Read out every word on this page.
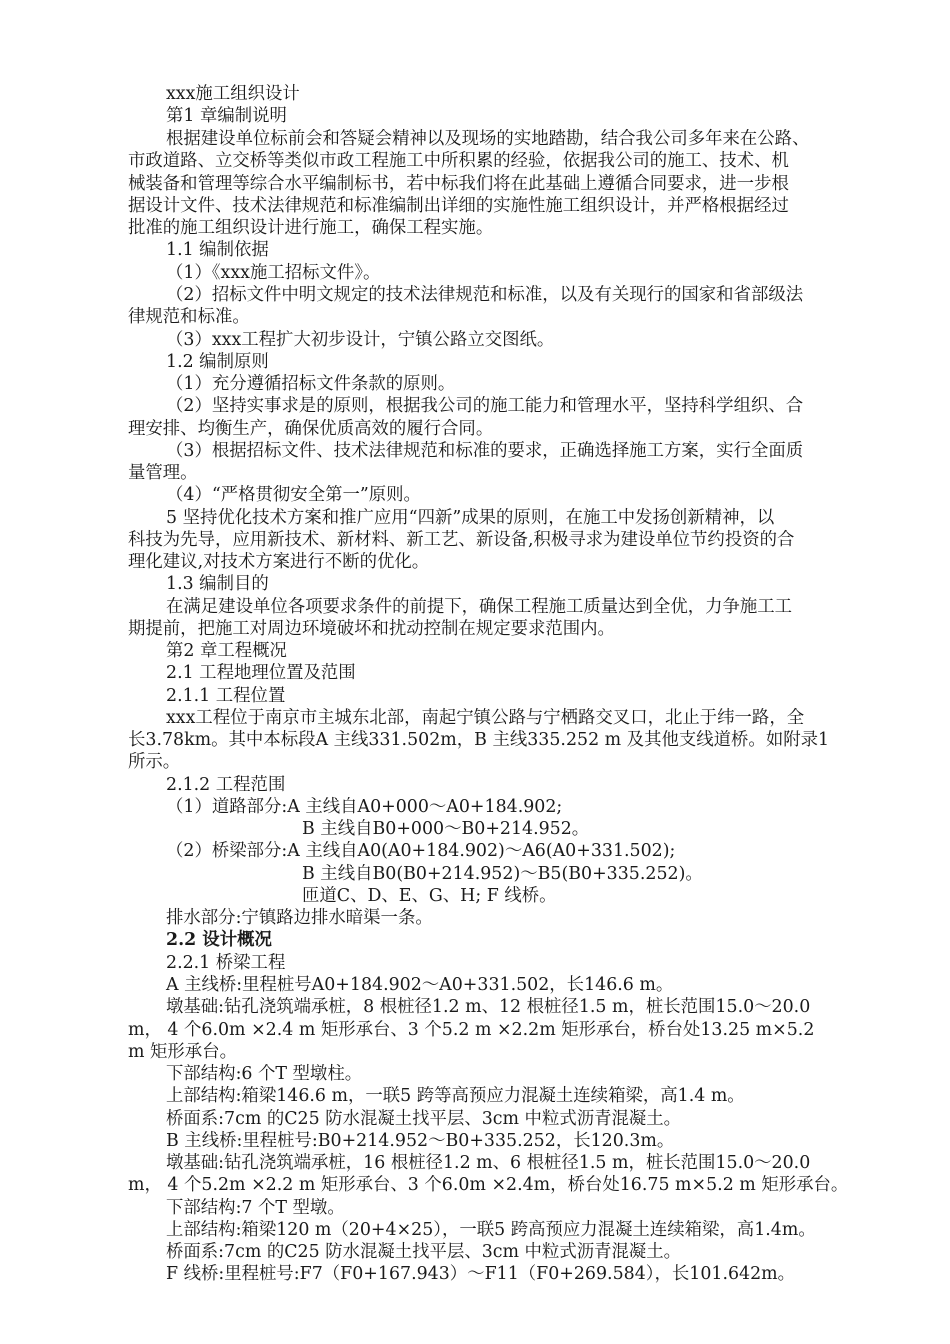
xxx施工组织设计
第1 章编制说明
根据建设单位标前会和答疑会精神以及现场的实地踏勘，结合我公司多年来在公路、
市政道路、立交桥等类似市政工程施工中所积累的经验，依据我公司的施工、技术、机
械装备和管理等综合水平编制标书，若中标我们将在此基础上遵循合同要求，进一步根
据设计文件、技术法律规范和标准编制出详细的实施性施工组织设计，并严格根据经过
批准的施工组织设计进行施工，确保工程实施。
1.1 编制依据
（1）《xxx施工招标文件》。
（2）招标文件中明文规定的技术法律规范和标准，以及有关现行的国家和省部级法
律规范和标准。
（3）xxx工程扩大初步设计，宁镇公路立交图纸。
1.2 编制原则
（1）充分遵循招标文件条款的原则。
（2）坚持实事求是的原则，根据我公司的施工能力和管理水平，坚持科学组织、合
理安排、均衡生产，确保优质高效的履行合同。
（3）根据招标文件、技术法律规范和标准的要求，正确选择施工方案，实行全面质
量管理。
（4）“严格贯彻安全第一”原则。
5 坚持优化技术方案和推广应用“四新”成果的原则，在施工中发扬创新精神，以
科技为先导，应用新技术、新材料、新工艺、新设备,积极寻求为建设单位节约投资的合
理化建议,对技术方案进行不断的优化。
1.3 编制目的
在满足建设单位各项要求条件的前提下，确保工程施工质量达到全优，力争施工工
期提前，把施工对周边环境破坏和扰动控制在规定要求范围内。
第2 章工程概况
2.1 工程地理位置及范围
2.1.1 工程位置
xxx工程位于南京市主城东北部，南起宁镇公路与宁栖路交叉口，北止于纬一路，全
长3.78km。其中本标段A 主线331.502m，B 主线335.252 m 及其他支线道桥。如附录1
所示。
2.1.2 工程范围
（1）道路部分:A 主线自A0+000～A0+184.902;
B 主线自B0+000～B0+214.952。
（2）桥梁部分:A 主线自A0(A0+184.902)～A6(A0+331.502);
B 主线自B0(B0+214.952)～B5(B0+335.252)。
匝道C、D、E、G、H; F 线桥。
排水部分:宁镇路边排水暗渠一条。
2.2 设计概况
2.2.1 桥梁工程
A 主线桥:里程桩号A0+184.902～A0+331.502，长146.6 m。
墩基础:钻孔浇筑端承桩，8 根桩径1.2 m、12 根桩径1.5 m，桩长范围15.0～20.0
m， 4 个6.0m ×2.4 m 矩形承台、3 个5.2 m ×2.2m 矩形承台，桥台处13.25 m×5.2
m 矩形承台。
下部结构:6 个T 型墩柱。
上部结构:箱梁146.6 m，一联5 跨等高预应力混凝土连续箱梁，高1.4 m。
桥面系:7cm 的C25 防水混凝土找平层、3cm 中粒式沥青混凝土。
B 主线桥:里程桩号:B0+214.952～B0+335.252，长120.3m。
墩基础:钻孔浇筑端承桩，16 根桩径1.2 m、6 根桩径1.5 m，桩长范围15.0～20.0
m， 4 个5.2m ×2.2 m 矩形承台、3 个6.0m ×2.4m，桥台处16.75 m×5.2 m 矩形承台。
下部结构:7 个T 型墩。
上部结构:箱梁120 m（20+4×25），一联5 跨高预应力混凝土连续箱梁，高1.4m。
桥面系:7cm 的C25 防水混凝土找平层、3cm 中粒式沥青混凝土。
F 线桥:里程桩号:F7（F0+167.943）～F11（F0+269.584），长101.642m。
